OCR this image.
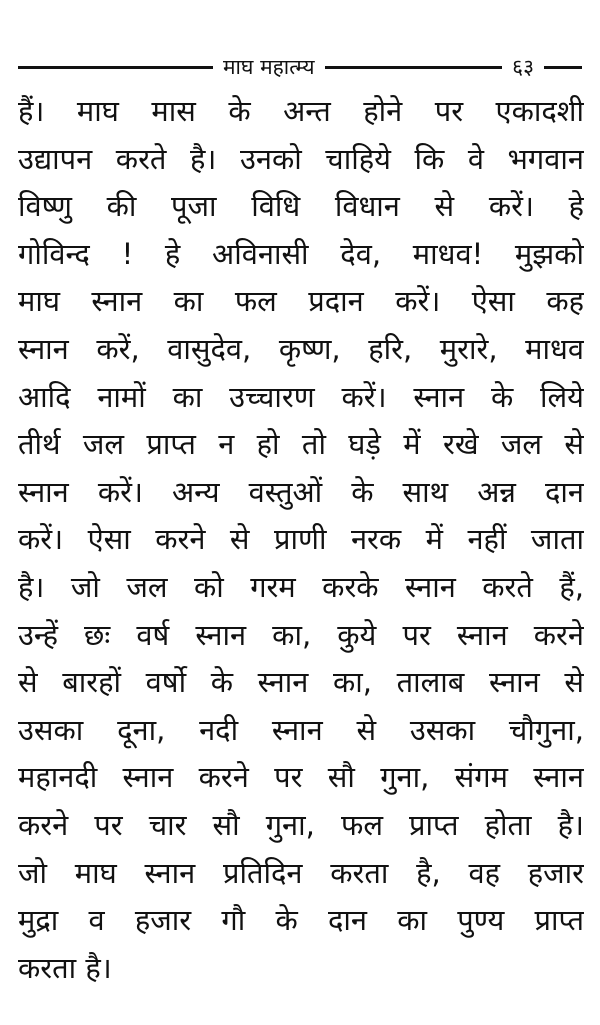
माघ महात्म्य	६३
हैं। माघ मास के अन्त होने पर एकादशी
उद्यापन करते है। उनको चाहिये कि वे भगवान
विष्णु की पूजा विधि विधान से करें। हे
गोविन्द ! हे अविनासी देव, माधव! मुझको
माघ स्नान का फल प्रदान करें। ऐसा कह
स्नान करें, वासुदेव, कृष्ण, हरि, मुरारे, माधव
आदि नामों का उच्चारण करें। स्नान के लिये
तीर्थ जल प्राप्त न हो तो घड़े में रखे जल से
स्नान करें। अन्य वस्तुओं के साथ अन्न दान
करें। ऐसा करने से प्राणी नरक में नहीं जाता
है। जो जल को गरम करके स्नान करते हैं,
उन्हें छः वर्ष स्नान का, कुये पर स्नान करने
से बारहों वर्षो के स्नान का, तालाब स्नान से
उसका दूना, नदी स्नान से उसका चौगुना,
महानदी स्नान करने पर सौ गुना, संगम स्नान
करने पर चार सौ गुना, फल प्राप्त होता है।
जो माघ स्नान प्रतिदिन करता है, वह हजार
मुद्रा व हजार गौ के दान का पुण्य प्राप्त
करता है।
